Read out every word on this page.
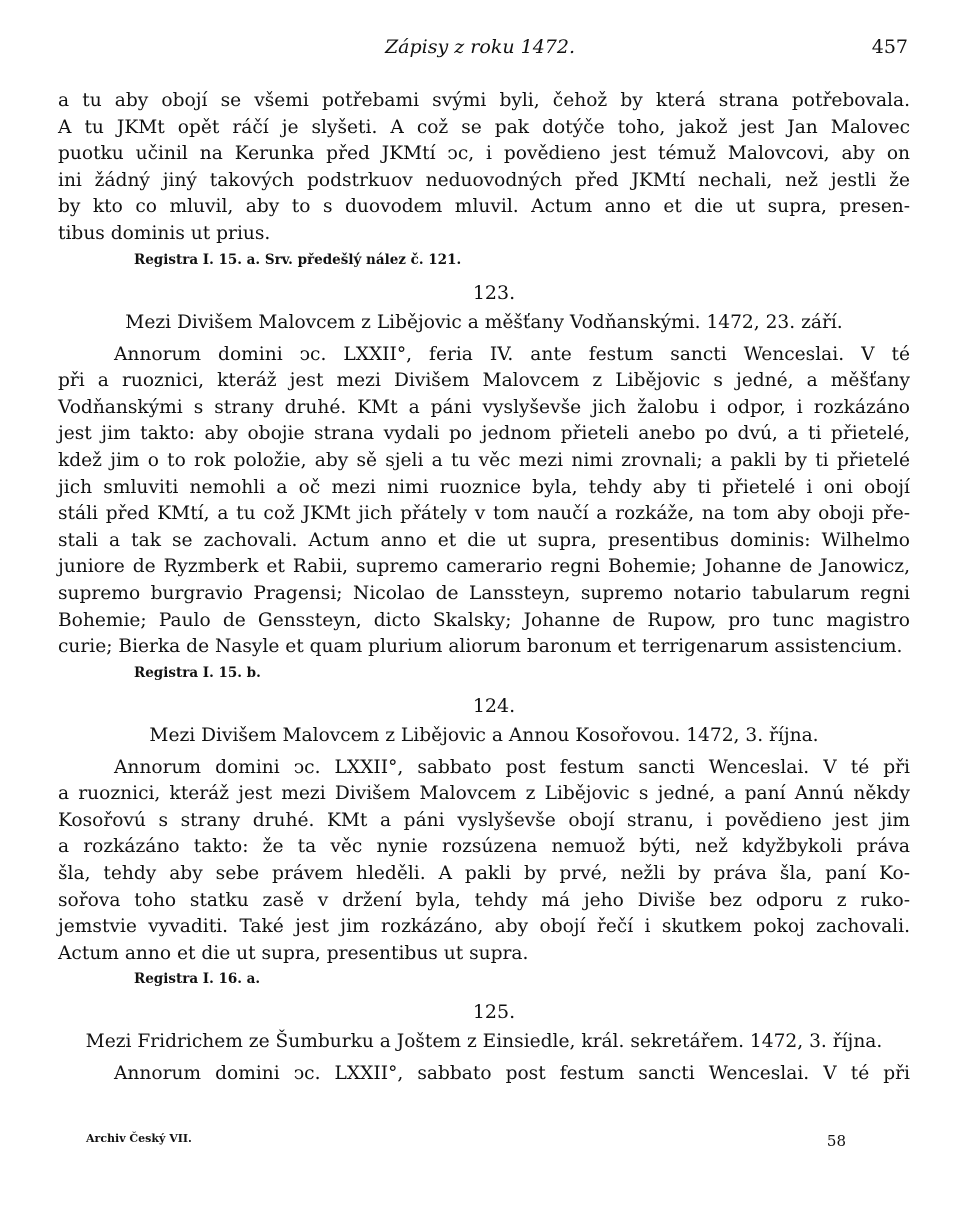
Zápisy z roku 1472.	457
a tu aby obojí se všemi potřebami svými byli, čehož by která strana potřebovala.
A tu JKMt opět ráčí je slyšeti. A což se pak dotýče toho, jakož jest Jan Malovec
puotku učinil na Kerunka před JKMtí ͻc, i povědieno jest témuž Malovcovi, aby on
ini žádný jiný takových podstrkuov neduovodných před JKMtí nechali, než jestli že
by kto co mluvil, aby to s duovodem mluvil. Actum anno et die ut supra, presen-
tibus dominis ut prius.
Registra I. 15. a. Srv. předešlý nález č. 121.
123.
Mezi Divišem Malovcem z Libějovic a měšťany Vodňanskými. 1472, 23. září.
Annorum domini ͻc. LXXII°, feria IV. ante festum sancti Wenceslai. V té
při a ruoznici, kteráž jest mezi Divišem Malovcem z Libějovic s jedné, a měšťany
Vodňanskými s strany druhé. KMt a páni vyslyševše jich žalobu i odpor, i rozkázáno
jest jim takto: aby obojie strana vydali po jednom přieteli anebo po dvú, a ti přietelé,
kdež jim o to rok položie, aby sě sjeli a tu věc mezi nimi zrovnali; a pakli by ti přietelé
jich smluviti nemohli a oč mezi nimi ruoznice byla, tehdy aby ti přietelé i oni obojí
stáli před KMtí, a tu což JKMt jich přátely v tom naučí a rozkáže, na tom aby oboji pře-
stali a tak se zachovali. Actum anno et die ut supra, presentibus dominis: Wilhelmo
juniore de Ryzmberk et Rabii, supremo camerario regni Bohemie; Johanne de Janowicz,
supremo burgravio Pragensi; Nicolao de Lanssteyn, supremo notario tabularum regni
Bohemie; Paulo de Genssteyn, dicto Skalsky; Johanne de Rupow, pro tunc magistro
curie; Bierka de Nasyle et quam plurium aliorum baronum et terrigenarum assistencium.
Registra I. 15. b.
124.
Mezi Divišem Malovcem z Libějovic a Annou Kosořovou. 1472, 3. října.
Annorum domini ͻc. LXXII°, sabbato post festum sancti Wenceslai. V té při
a ruoznici, kteráž jest mezi Divišem Malovcem z Libějovic s jedné, a paní Annú někdy
Kosořovú s strany druhé. KMt a páni vyslyševše obojí stranu, i povědieno jest jim
a rozkázáno takto: že ta věc nynie rozsúzena nemuož býti, než kdyžbykoli práva
šla, tehdy aby sebe právem hleděli. A pakli by prvé, nežli by práva šla, paní Ko-
sořova toho statku zasě v držení byla, tehdy má jeho Diviše bez odporu z ruko-
jemstvie vyvaditi. Také jest jim rozkázáno, aby obojí řečí i skutkem pokoj zachovali.
Actum anno et die ut supra, presentibus ut supra.
Registra I. 16. a.
125.
Mezi Fridrichem ze Šumburku a Joštem z Einsiedle, král. sekretářem. 1472, 3. října.
Annorum domini ͻc. LXXII°, sabbato post festum sancti Wenceslai. V té při
Archiv Český VII.	58
